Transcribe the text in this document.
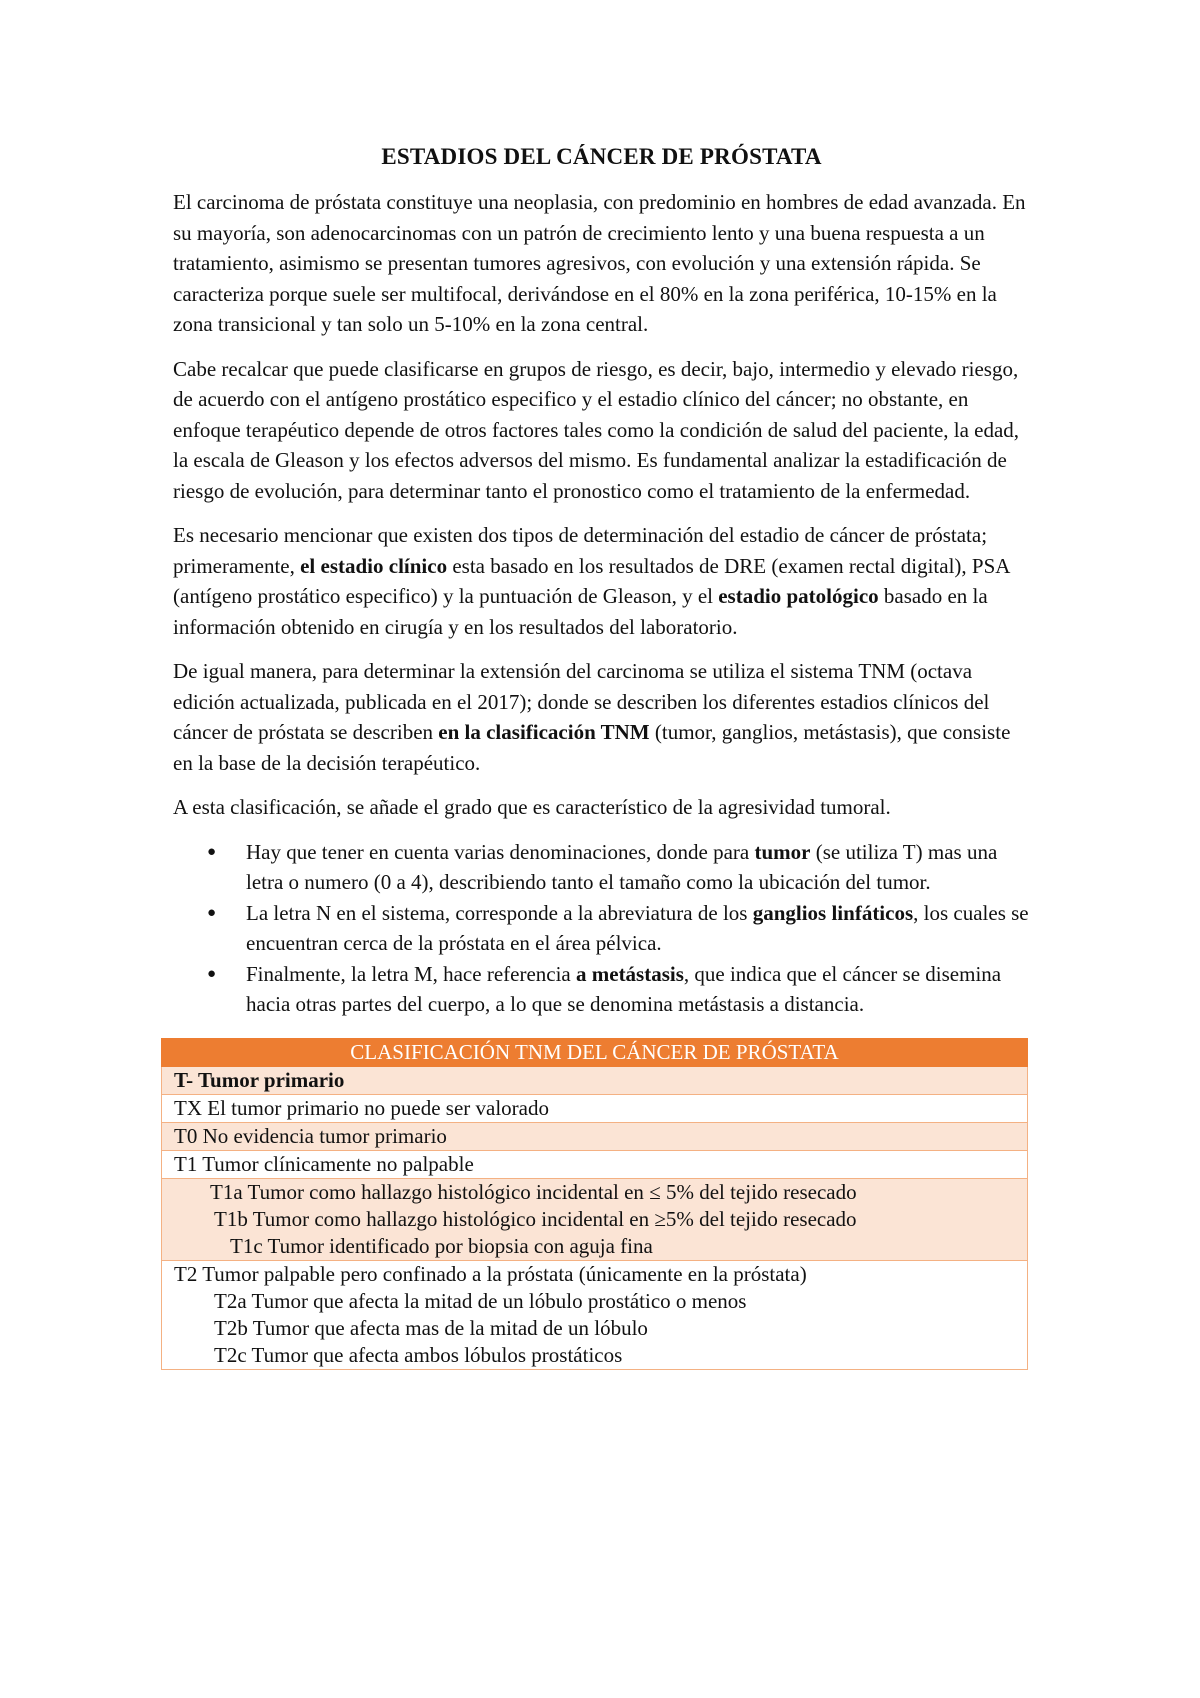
ESTADIOS DEL CÁNCER DE PRÓSTATA

El carcinoma de próstata constituye una neoplasia, con predominio en hombres de edad avanzada. En su mayoría, son adenocarcinomas con un patrón de crecimiento lento y una buena respuesta a un tratamiento, asimismo se presentan tumores agresivos, con evolución y una extensión rápida. Se caracteriza porque suele ser multifocal, derivándose en el 80% en la zona periférica, 10-15% en la zona transicional y tan solo un 5-10% en la zona central.

Cabe recalcar que puede clasificarse en grupos de riesgo, es decir, bajo, intermedio y elevado riesgo, de acuerdo con el antígeno prostático especifico y el estadio clínico del cáncer; no obstante, en enfoque terapéutico depende de otros factores tales como la condición de salud del paciente, la edad, la escala de Gleason y los efectos adversos del mismo. Es fundamental analizar la estadificación de riesgo de evolución, para determinar tanto el pronostico como el tratamiento de la enfermedad.

Es necesario mencionar que existen dos tipos de determinación del estadio de cáncer de próstata; primeramente, el estadio clínico esta basado en los resultados de DRE (examen rectal digital), PSA (antígeno prostático especifico) y la puntuación de Gleason, y el estadio patológico basado en la información obtenido en cirugía y en los resultados del laboratorio.

De igual manera, para determinar la extensión del carcinoma se utiliza el sistema TNM (octava edición actualizada, publicada en el 2017); donde se describen los diferentes estadios clínicos del cáncer de próstata se describen en la clasificación TNM (tumor, ganglios, metástasis), que consiste en la base de la decisión terapéutico.

A esta clasificación, se añade el grado que es característico de la agresividad tumoral.

● Hay que tener en cuenta varias denominaciones, donde para tumor (se utiliza T) mas una letra o numero (0 a 4), describiendo tanto el tamaño como la ubicación del tumor.
● La letra N en el sistema, corresponde a la abreviatura de los ganglios linfáticos, los cuales se encuentran cerca de la próstata en el área pélvica.
● Finalmente, la letra M, hace referencia a metástasis, que indica que el cáncer se disemina hacia otras partes del cuerpo, a lo que se denomina metástasis a distancia.
CLASIFICACIÓN TNM DEL CÁNCER DE PRÓSTATA
T- Tumor primario
TX El tumor primario no puede ser valorado
T0 No evidencia tumor primario
T1 Tumor clínicamente no palpable

T1a Tumor como hallazgo histológico incidental en ≤ 5% del tejido resecado
T1b Tumor como hallazgo histológico incidental en ≥5% del tejido resecado
T1c Tumor identificado por biopsia con aguja fina

T2 Tumor palpable pero confinado a la próstata (únicamente en la próstata)
T2a Tumor que afecta la mitad de un lóbulo prostático o menos
T2b Tumor que afecta mas de la mitad de un lóbulo
T2c Tumor que afecta ambos lóbulos prostáticos
